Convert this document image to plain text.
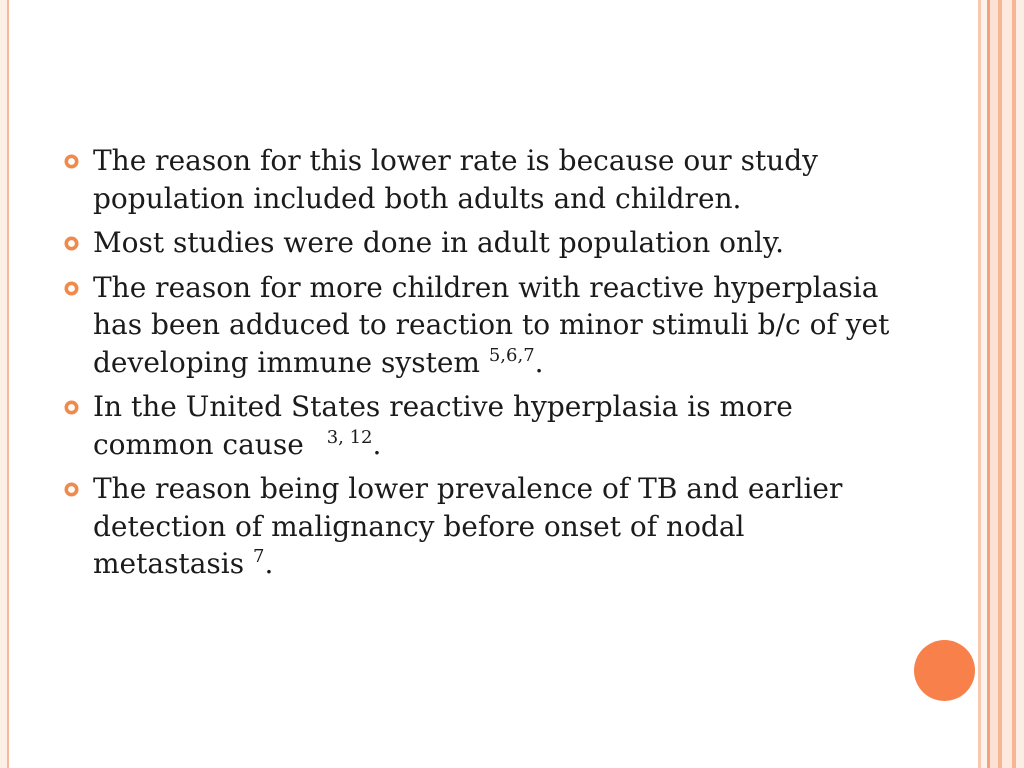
The reason for this lower rate is because our study population included both adults and children.
Most studies were done in adult population only.
The reason for more children with reactive hyperplasia has been adduced to reaction to minor stimuli b/c of yet developing immune system $^{5,6,7}$.
In the United States reactive hyperplasia is more common cause $^{3, 12}$.
The reason being lower prevalence of TB and earlier detection of malignancy before onset of nodal metastasis $^7$.
